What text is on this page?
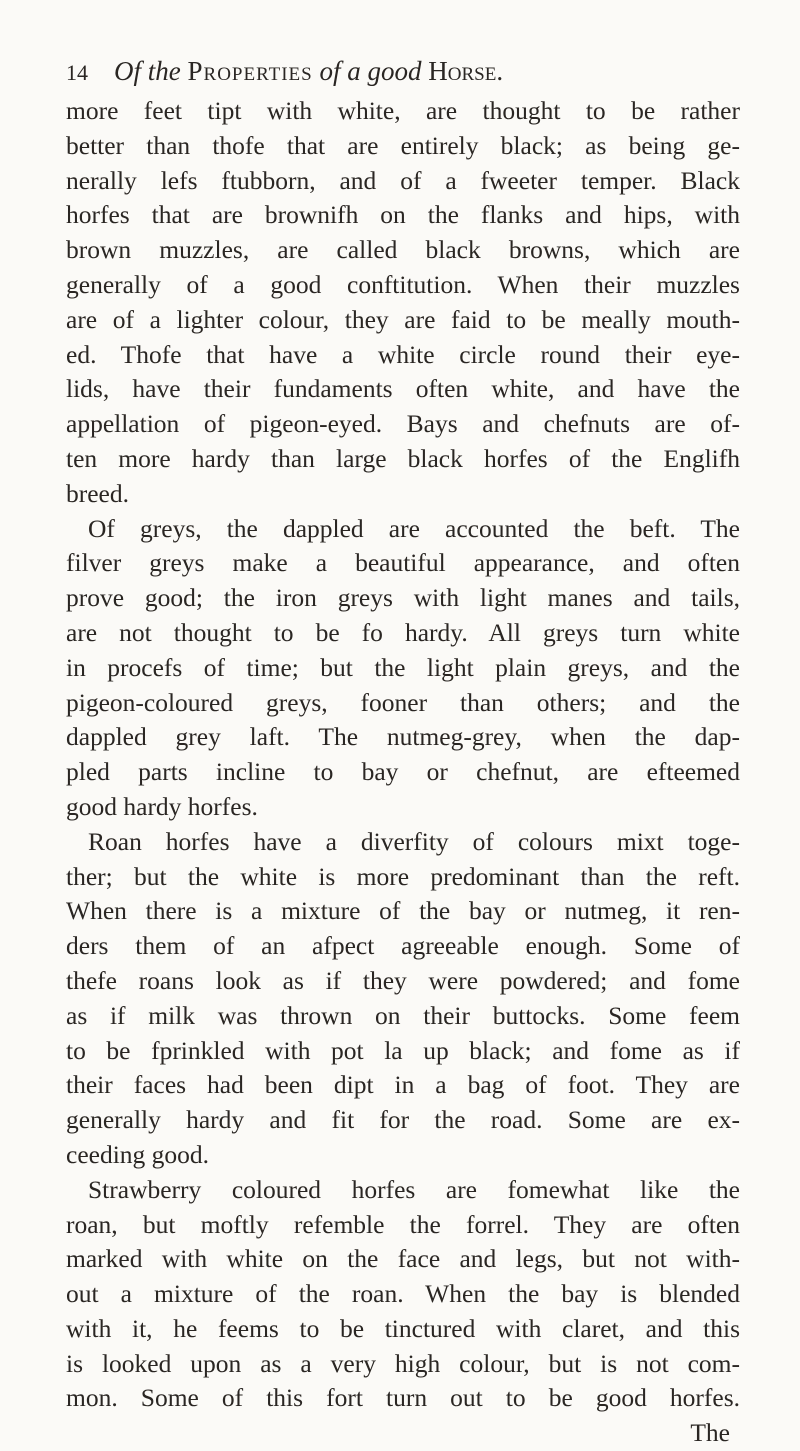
14 Of the Properties of a good Horse.
more feet tipt with white, are thought to be rather
better than thofe that are entirely black; as being ge-
nerally lefs ftubborn, and of a fweeter temper. Black
horfes that are brownifh on the flanks and hips, with
brown muzzles, are called black browns, which are
generally of a good conftitution. When their muzzles
are of a lighter colour, they are faid to be meally mouth-
ed. Thofe that have a white circle round their eye-
lids, have their fundaments often white, and have the
appellation of pigeon-eyed. Bays and chefnuts are of-
ten more hardy than large black horfes of the Englifh
breed.
Of greys, the dappled are accounted the beft. The
filver greys make a beautiful appearance, and often
prove good; the iron greys with light manes and tails,
are not thought to be fo hardy. All greys turn white
in procefs of time; but the light plain greys, and the
pigeon-coloured greys, fooner than others; and the
dappled grey laft. The nutmeg-grey, when the dap-
pled parts incline to bay or chefnut, are efteemed
good hardy horfes.
Roan horfes have a diverfity of colours mixt toge-
ther; but the white is more predominant than the reft.
When there is a mixture of the bay or nutmeg, it ren-
ders them of an afpect agreeable enough. Some of
thefe roans look as if they were powdered; and fome
as if milk was thrown on their buttocks. Some feem
to be fprinkled with pot la up black; and fome as if
their faces had been dipt in a bag of foot. They are
generally hardy and fit for the road. Some are ex-
ceeding good.
Strawberry coloured horfes are fomewhat like the
roan, but moftly refemble the forrel. They are often
marked with white on the face and legs, but not with-
out a mixture of the roan. When the bay is blended
with it, he feems to be tinctured with claret, and this
is looked upon as a very high colour, but is not com-
mon. Some of this fort turn out to be good horfes.
The
